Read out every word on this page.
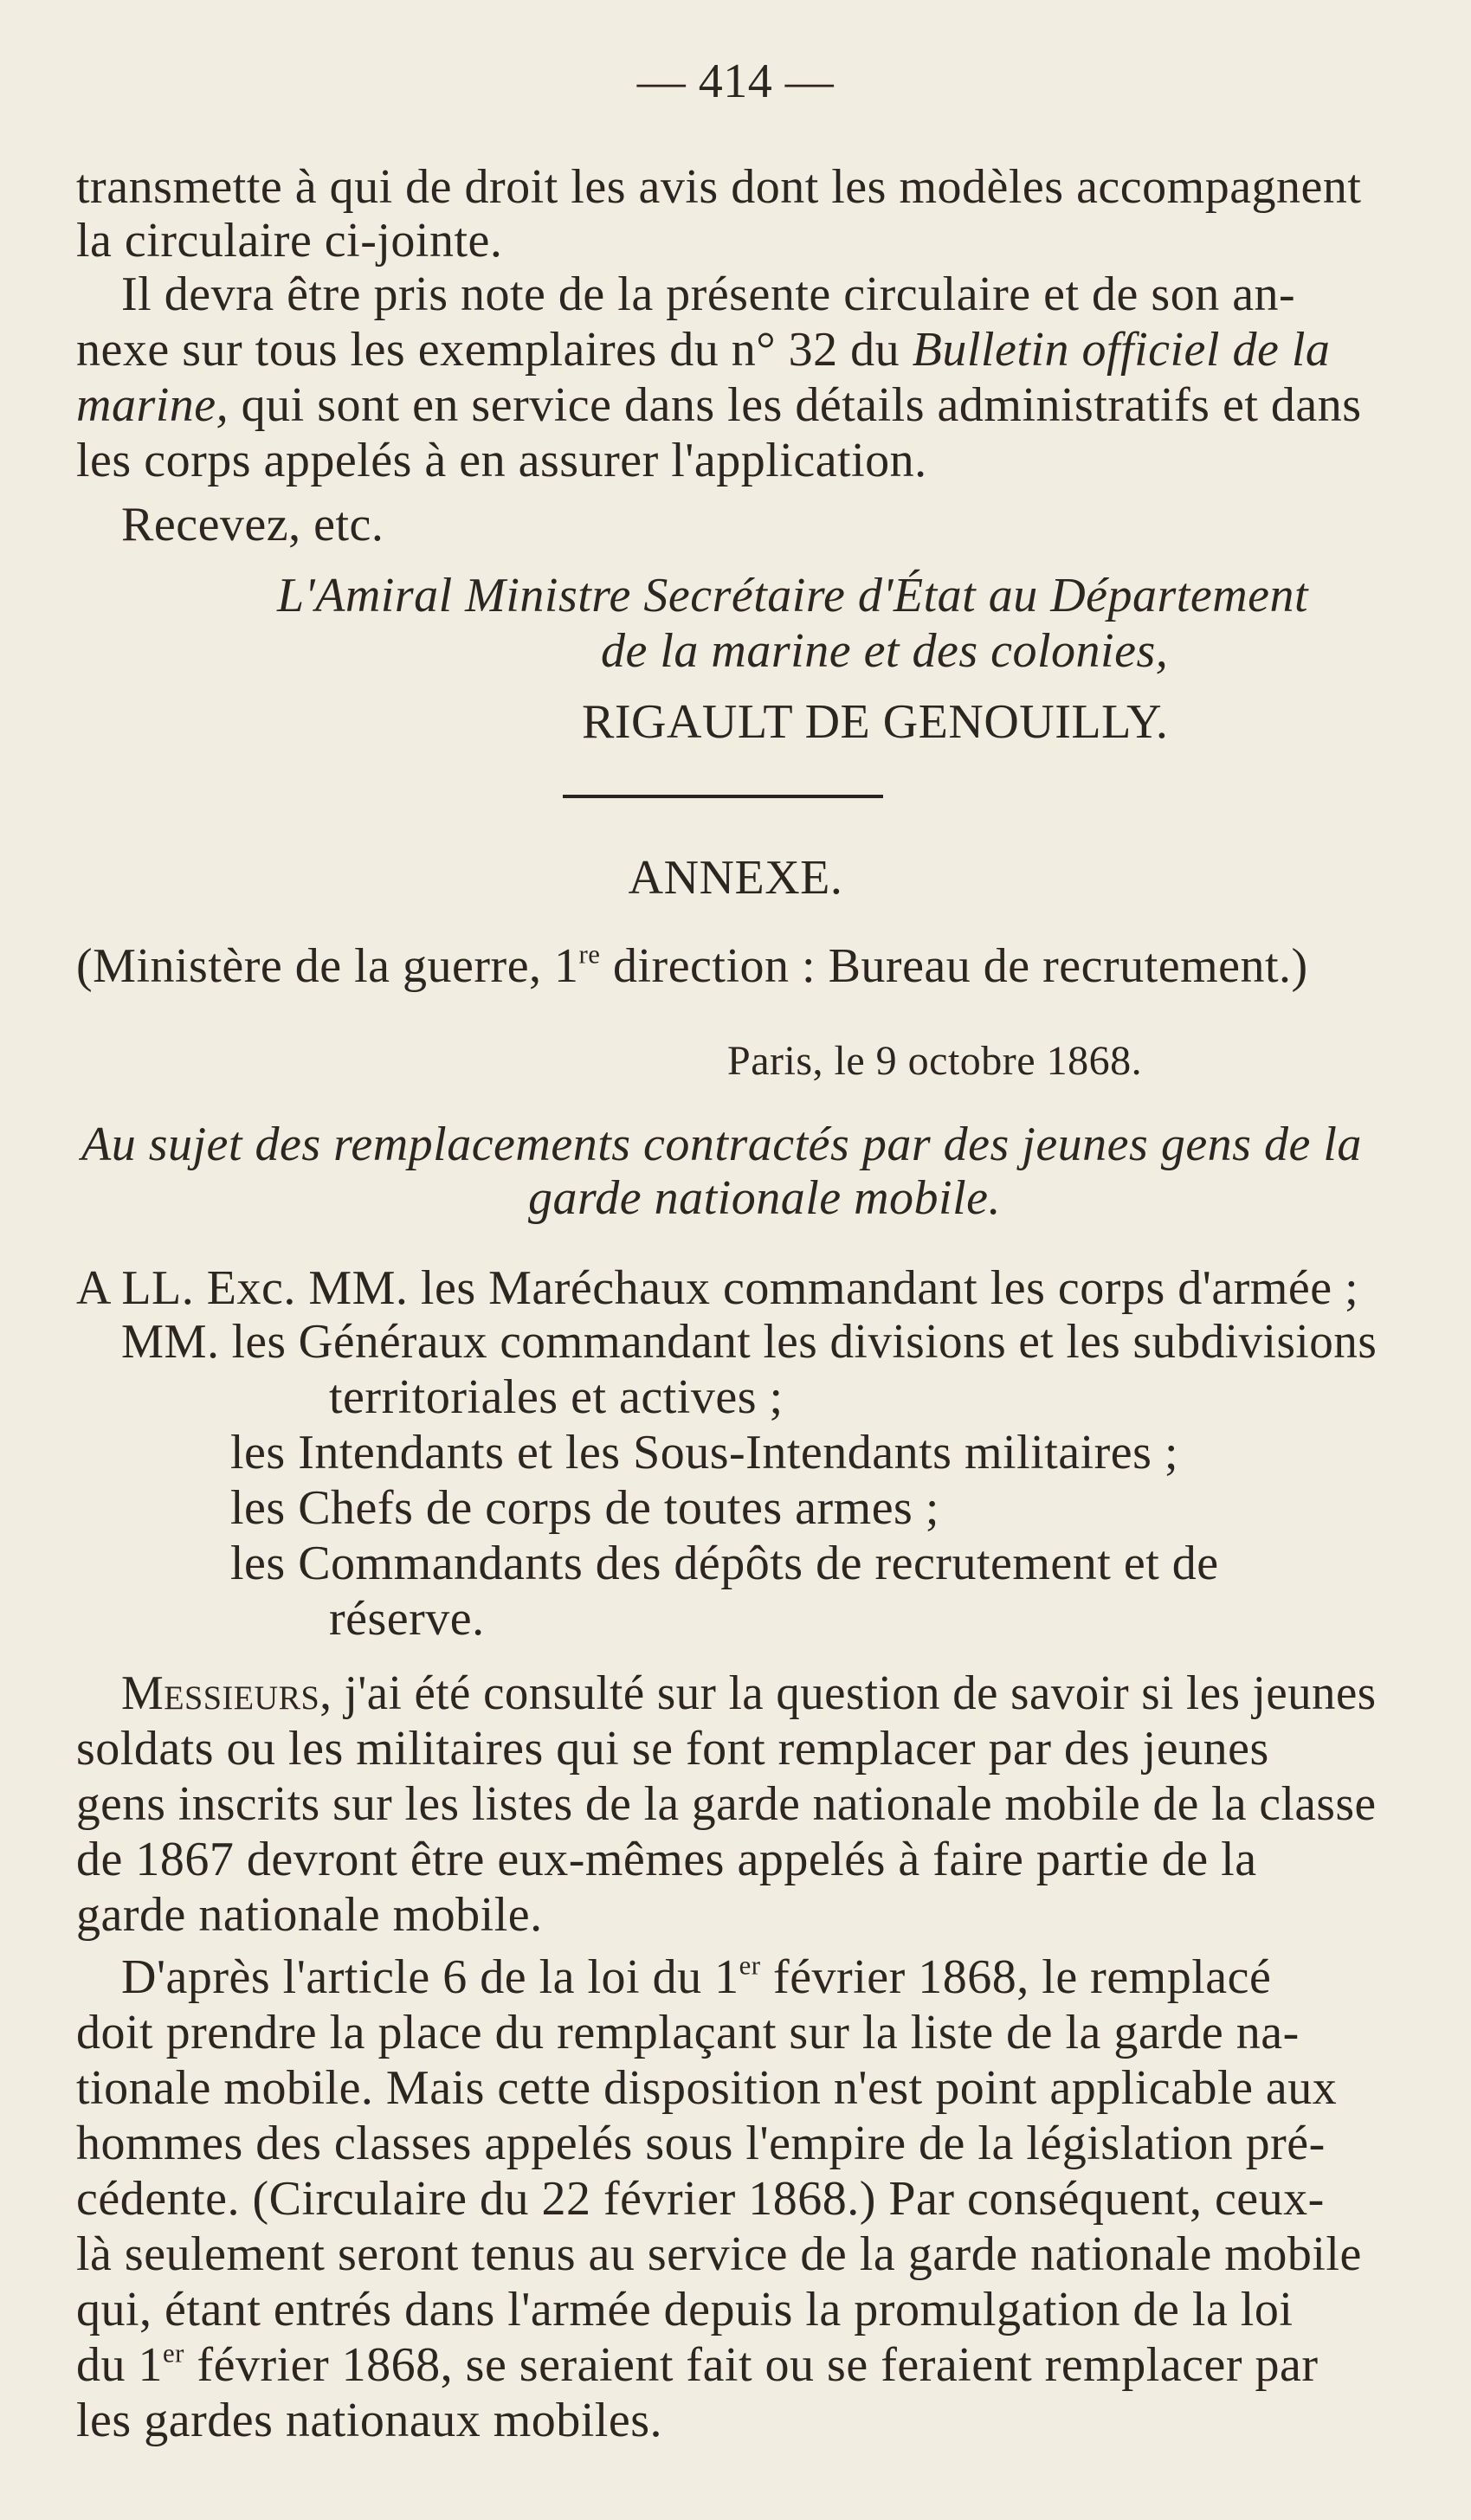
— 414 —
transmette à qui de droit les avis dont les modèles accompagnent
la circulaire ci-jointe.
Il devra être pris note de la présente circulaire et de son an-
nexe sur tous les exemplaires du n° 32 du Bulletin officiel de la
marine, qui sont en service dans les détails administratifs et dans
les corps appelés à en assurer l'application.
Recevez, etc.
L'Amiral Ministre Secrétaire d'État au Département
de la marine et des colonies,
RIGAULT DE GENOUILLY.
ANNEXE.
(Ministère de la guerre, 1re direction : Bureau de recrutement.)
Paris, le 9 octobre 1868.
Au sujet des remplacements contractés par des jeunes gens de la
garde nationale mobile.
A LL. Exc. MM. les Maréchaux commandant les corps d'armée ;
MM. les Généraux commandant les divisions et les subdivisions
territoriales et actives ;
les Intendants et les Sous-Intendants militaires ;
les Chefs de corps de toutes armes ;
les Commandants des dépôts de recrutement et de
réserve.
Messieurs, j'ai été consulté sur la question de savoir si les jeunes
soldats ou les militaires qui se font remplacer par des jeunes
gens inscrits sur les listes de la garde nationale mobile de la classe
de 1867 devront être eux-mêmes appelés à faire partie de la
garde nationale mobile.
D'après l'article 6 de la loi du 1er février 1868, le remplacé
doit prendre la place du remplaçant sur la liste de la garde na-
tionale mobile. Mais cette disposition n'est point applicable aux
hommes des classes appelés sous l'empire de la législation pré-
cédente. (Circulaire du 22 février 1868.) Par conséquent, ceux-
là seulement seront tenus au service de la garde nationale mobile
qui, étant entrés dans l'armée depuis la promulgation de la loi
du 1er février 1868, se seraient fait ou se feraient remplacer par
les gardes nationaux mobiles.
